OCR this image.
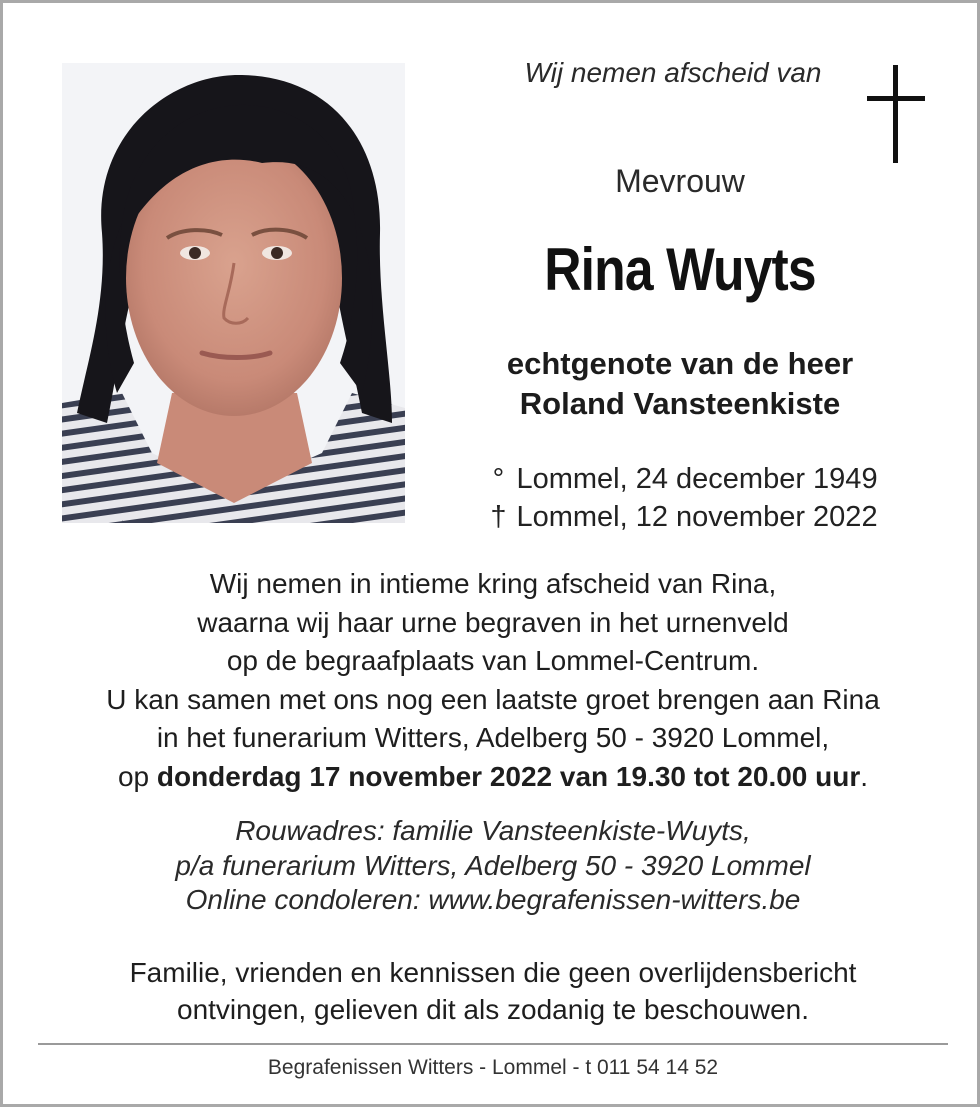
Wij nemen afscheid van
Mevrouw
Rina Wuyts
echtgenote van de heer
Roland Vansteenkiste
° Lommel, 24 december 1949
† Lommel, 12 november 2022
Wij nemen in intieme kring afscheid van Rina,
waarna wij haar urne begraven in het urnenveld
op de begraafplaats van Lommel-Centrum.
U kan samen met ons nog een laatste groet brengen aan Rina
in het funerarium Witters, Adelberg 50 - 3920 Lommel,
op donderdag 17 november 2022 van 19.30 tot 20.00 uur.
Rouwadres: familie Vansteenkiste-Wuyts,
p/a funerarium Witters, Adelberg 50 - 3920 Lommel
Online condoleren: www.begrafenissen-witters.be
Familie, vrienden en kennissen die geen overlijdensbericht
ontvingen, gelieven dit als zodanig te beschouwen.
Begrafenissen Witters - Lommel - t 011 54 14 52
